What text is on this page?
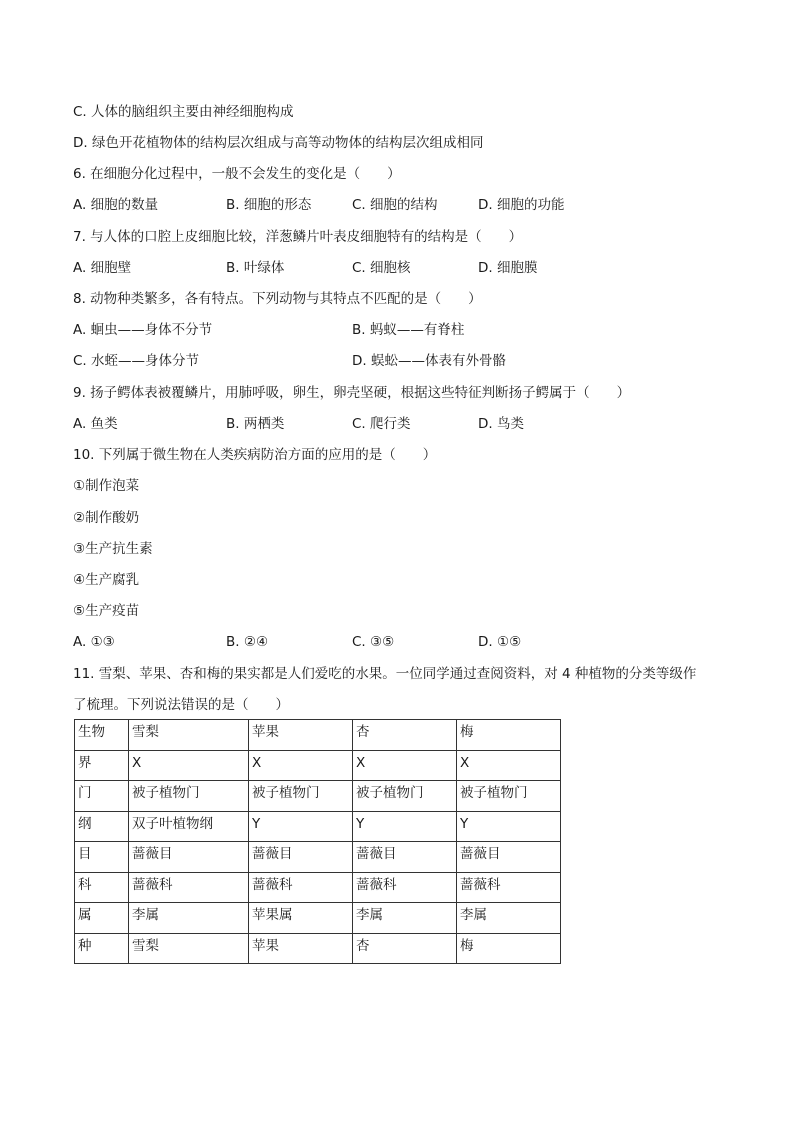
C. 人体的脑组织主要由神经细胞构成
D. 绿色开花植物体的结构层次组成与高等动物体的结构层次组成相同
6. 在细胞分化过程中，一般不会发生的变化是（　　）
A. 细胞的数量	B. 细胞的形态	C. 细胞的结构	D. 细胞的功能
7. 与人体的口腔上皮细胞比较，洋葱鳞片叶表皮细胞特有的结构是（　　）
A. 细胞壁	B. 叶绿体	C. 细胞核	D. 细胞膜
8. 动物种类繁多，各有特点。下列动物与其特点不匹配的是（　　）
A. 蛔虫——身体不分节	B. 蚂蚁——有脊柱
C. 水蛭——身体分节	D. 蜈蚣——体表有外骨骼
9. 扬子鳄体表被覆鳞片，用肺呼吸，卵生，卵壳坚硬，根据这些特征判断扬子鳄属于（　　）
A. 鱼类	B. 两栖类	C. 爬行类	D. 鸟类
10. 下列属于微生物在人类疾病防治方面的应用的是（　　）
①制作泡菜
②制作酸奶
③生产抗生素
④生产腐乳
⑤生产疫苗
A. ①③	B. ②④	C. ③⑤	D. ①⑤
11. 雪梨、苹果、杏和梅的果实都是人们爱吃的水果。一位同学通过查阅资料，对 4 种植物的分类等级作
了梳理。下列说法错误的是（　　）
生物	雪梨	苹果	杏	梅
界	X	X	X	X
门	被子植物门	被子植物门	被子植物门	被子植物门
纲	双子叶植物纲	Y	Y	Y
目	蔷薇目	蔷薇目	蔷薇目	蔷薇目
科	蔷薇科	蔷薇科	蔷薇科	蔷薇科
属	李属	苹果属	李属	李属
种	雪梨	苹果	杏	梅
